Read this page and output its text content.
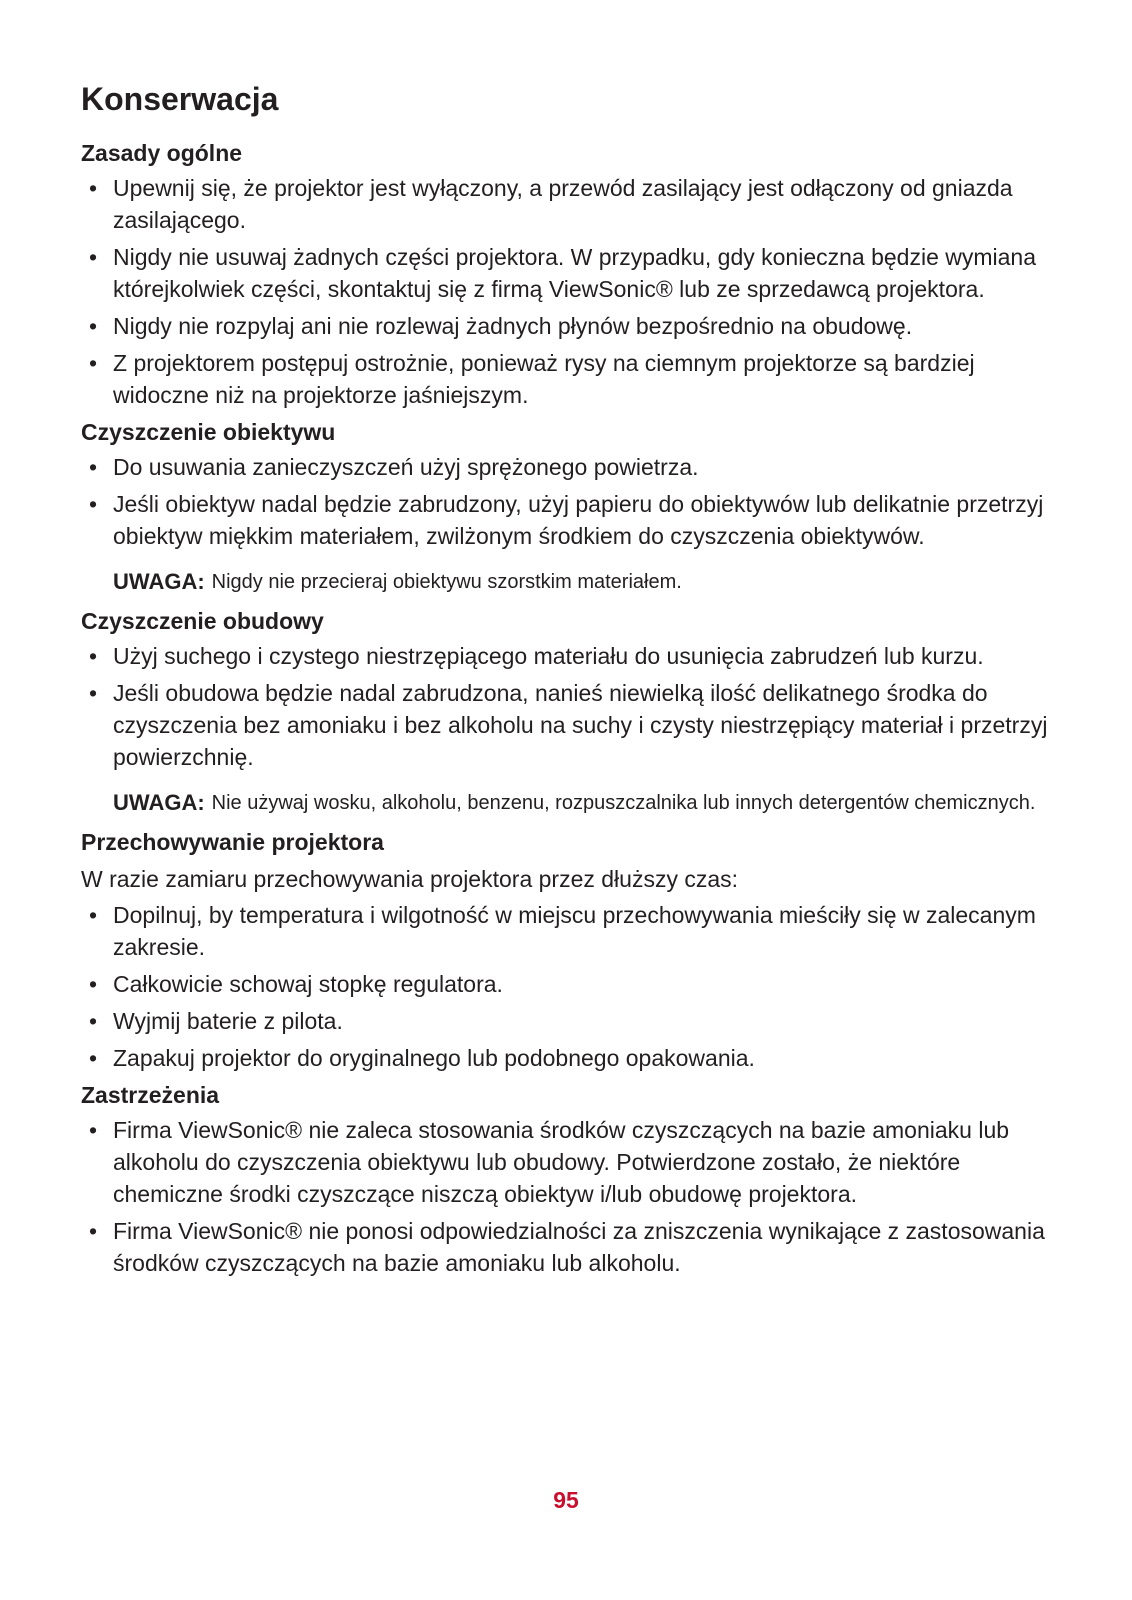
Konserwacja
Zasady ogólne
• Upewnij się, że projektor jest wyłączony, a przewód zasilający jest odłączony od gniazda zasilającego.
• Nigdy nie usuwaj żadnych części projektora. W przypadku, gdy konieczna będzie wymiana którejkolwiek części, skontaktuj się z firmą ViewSonic® lub ze sprzedawcą projektora.
• Nigdy nie rozpylaj ani nie rozlewaj żadnych płynów bezpośrednio na obudowę.
• Z projektorem postępuj ostrożnie, ponieważ rysy na ciemnym projektorze są bardziej widoczne niż na projektorze jaśniejszym.
Czyszczenie obiektywu
• Do usuwania zanieczyszczeń użyj sprężonego powietrza.
• Jeśli obiektyw nadal będzie zabrudzony, użyj papieru do obiektywów lub delikatnie przetrzyj obiektyw miękkim materiałem, zwilżonym środkiem do czyszczenia obiektywów.
UWAGA: Nigdy nie przecieraj obiektywu szorstkim materiałem.
Czyszczenie obudowy
• Użyj suchego i czystego niestrzępiącego materiału do usunięcia zabrudzeń lub kurzu.
• Jeśli obudowa będzie nadal zabrudzona, nanieś niewielką ilość delikatnego środka do czyszczenia bez amoniaku i bez alkoholu na suchy i czysty niestrzępiący materiał i przetrzyj powierzchnię.
UWAGA: Nie używaj wosku, alkoholu, benzenu, rozpuszczalnika lub innych detergentów chemicznych.
Przechowywanie projektora

W razie zamiaru przechowywania projektora przez dłuższy czas:

• Dopilnuj, by temperatura i wilgotność w miejscu przechowywania mieściły się w zalecanym zakresie.
• Całkowicie schowaj stopkę regulatora.
• Wyjmij baterie z pilota.
• Zapakuj projektor do oryginalnego lub podobnego opakowania.
Zastrzeżenia
• Firma ViewSonic® nie zaleca stosowania środków czyszczących na bazie amoniaku lub alkoholu do czyszczenia obiektywu lub obudowy. Potwierdzone zostało, że niektóre chemiczne środki czyszczące niszczą obiektyw i/lub obudowę projektora.
• Firma ViewSonic® nie ponosi odpowiedzialności za zniszczenia wynikające z zastosowania środków czyszczących na bazie amoniaku lub alkoholu.
95
